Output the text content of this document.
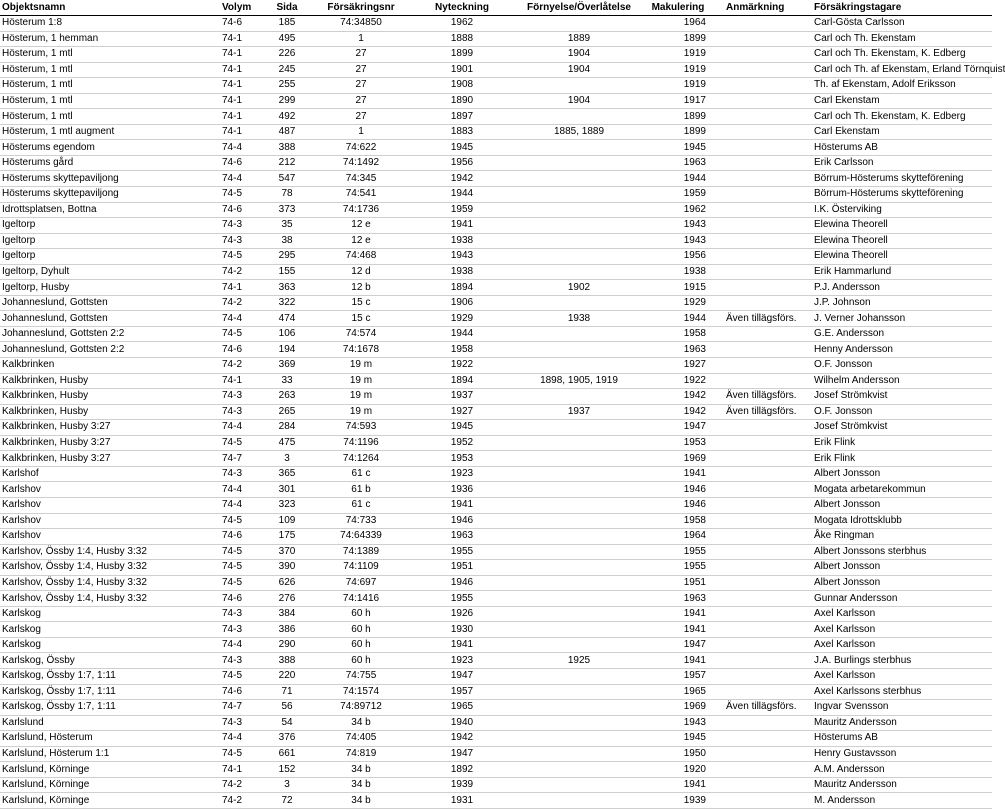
Objektsnamn	Volym	Sida	Försäkringsnr	Nyteckning	Förnyelse/Överlåtelse	Makulering	Anmärkning	Försäkringstagare
Hösterum 1:8	74-6	185	74:34850	1962		1964		Carl-Gösta Carlsson
Hösterum, 1 hemman	74-1	495	1	1888	1889	1899		Carl och Th. Ekenstam
Hösterum, 1 mtl	74-1	226	27	1899	1904	1919		Carl och Th. Ekenstam, K. Edberg
Hösterum, 1 mtl	74-1	245	27	1901	1904	1919		Carl och Th. af Ekenstam, Erland Törnquist
Hösterum, 1 mtl	74-1	255	27	1908		1919		Th. af Ekenstam, Adolf Eriksson
Hösterum, 1 mtl	74-1	299	27	1890	1904	1917		Carl Ekenstam
Hösterum, 1 mtl	74-1	492	27	1897		1899		Carl och Th. Ekenstam, K. Edberg
Hösterum, 1 mtl augment	74-1	487	1	1883	1885, 1889	1899		Carl Ekenstam
Hösterums egendom	74-4	388	74:622	1945		1945		Hösterums AB
Hösterums gård	74-6	212	74:1492	1956		1963		Erik Carlsson
Hösterums skyttepaviljong	74-4	547	74:345	1942		1944		Börrum-Hösterums skytteförening
Hösterums skyttepaviljong	74-5	78	74:541	1944		1959		Börrum-Hösterums skytteförening
Idrottsplatsen, Bottna	74-6	373	74:1736	1959		1962		I.K. Österviking
Igeltorp	74-3	35	12 e	1941		1943		Elewina Theorell
Igeltorp	74-3	38	12 e	1938		1943		Elewina Theorell
Igeltorp	74-5	295	74:468	1943		1956		Elewina Theorell
Igeltorp, Dyhult	74-2	155	12 d	1938		1938		Erik Hammarlund
Igeltorp, Husby	74-1	363	12 b	1894	1902	1915		P.J. Andersson
Johanneslund, Gottsten	74-2	322	15 c	1906		1929		J.P. Johnson
Johanneslund, Gottsten	74-4	474	15 c	1929	1938	1944	Även tillägsförs.	J. Verner Johansson
Johanneslund, Gottsten 2:2	74-5	106	74:574	1944		1958		G.E. Andersson
Johanneslund, Gottsten 2:2	74-6	194	74:1678	1958		1963		Henny Andersson
Kalkbrinken	74-2	369	19 m	1922		1927		O.F. Jonsson
Kalkbrinken, Husby	74-1	33	19 m	1894	1898, 1905, 1919	1922		Wilhelm Andersson
Kalkbrinken, Husby	74-3	263	19 m	1937		1942	Även tillägsförs.	Josef Strömkvist
Kalkbrinken, Husby	74-3	265	19 m	1927	1937	1942	Även tillägsförs.	O.F. Jonsson
Kalkbrinken, Husby 3:27	74-4	284	74:593	1945		1947		Josef Strömkvist
Kalkbrinken, Husby 3:27	74-5	475	74:1196	1952		1953		Erik Flink
Kalkbrinken, Husby 3:27	74-7	3	74:1264	1953		1969		Erik Flink
Karlshof	74-3	365	61 c	1923		1941		Albert Jonsson
Karlshov	74-4	301	61 b	1936		1946		Mogata arbetarekommun
Karlshov	74-4	323	61 c	1941		1946		Albert Jonsson
Karlshov	74-5	109	74:733	1946		1958		Mogata Idrottsklubb
Karlshov	74-6	175	74:64339	1963		1964		Åke Ringman
Karlshov, Össby 1:4, Husby 3:32	74-5	370	74:1389	1955		1955		Albert Jonssons sterbhus
Karlshov, Össby 1:4, Husby 3:32	74-5	390	74:1109	1951		1955		Albert Jonsson
Karlshov, Össby 1:4, Husby 3:32	74-5	626	74:697	1946		1951		Albert Jonsson
Karlshov, Össby 1:4, Husby 3:32	74-6	276	74:1416	1955		1963		Gunnar Andersson
Karlskog	74-3	384	60 h	1926		1941		Axel Karlsson
Karlskog	74-3	386	60 h	1930		1941		Axel Karlsson
Karlskog	74-4	290	60 h	1941		1947		Axel Karlsson
Karlskog, Össby	74-3	388	60 h	1923	1925	1941		J.A. Burlings sterbhus
Karlskog, Össby 1:7, 1:11	74-5	220	74:755	1947		1957		Axel Karlsson
Karlskog, Össby 1:7, 1:11	74-6	71	74:1574	1957		1965		Axel Karlssons sterbhus
Karlskog, Össby 1:7, 1:11	74-7	56	74:89712	1965		1969	Även tillägsförs.	Ingvar Svensson
Karlslund	74-3	54	34 b	1940		1943		Mauritz Andersson
Karlslund, Hösterum	74-4	376	74:405	1942		1945		Hösterums AB
Karlslund, Hösterum 1:1	74-5	661	74:819	1947		1950		Henry Gustavsson
Karlslund, Körninge	74-1	152	34 b	1892		1920		A.M. Andersson
Karlslund, Körninge	74-2	3	34 b	1939		1941		Mauritz Andersson
Karlslund, Körninge	74-2	72	34 b	1931		1939		M. Andersson
